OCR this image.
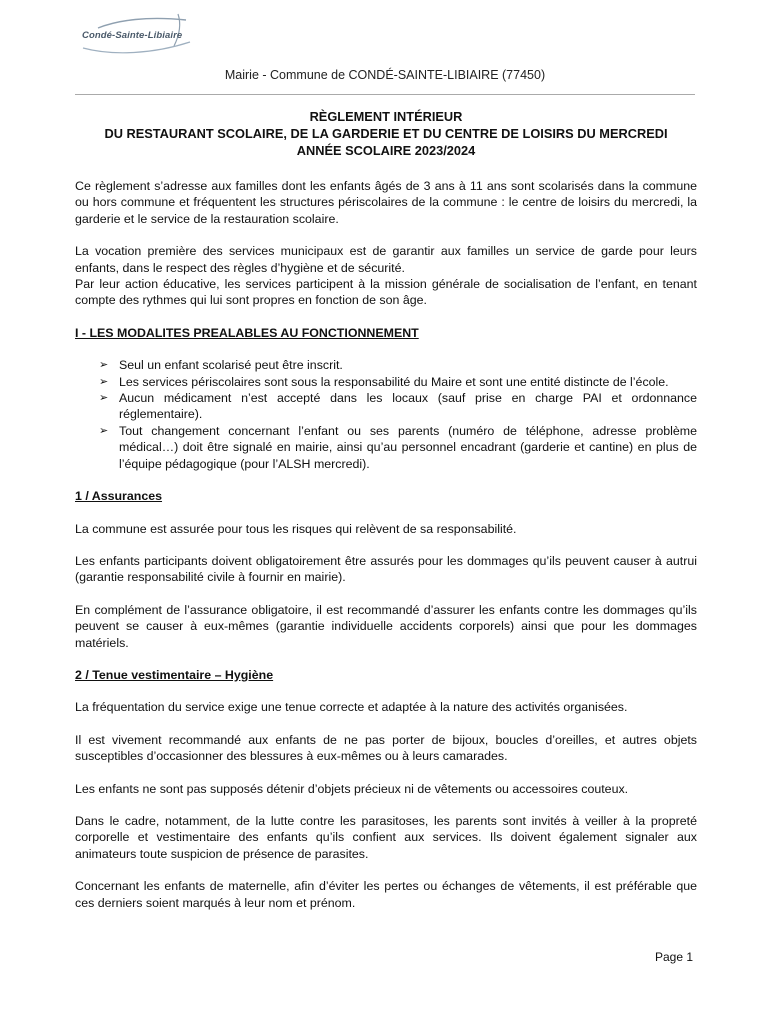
Condé-Sainte-Libiaire
Mairie - Commune de CONDÉ-SAINTE-LIBIAIRE (77450)
RÈGLEMENT INTÉRIEUR
DU RESTAURANT SCOLAIRE, DE LA GARDERIE ET DU CENTRE DE LOISIRS DU MERCREDI
ANNÉE SCOLAIRE 2023/2024

Ce règlement s’adresse aux familles dont les enfants âgés de 3 ans à 11 ans sont scolarisés dans la commune ou hors commune et fréquentent les structures périscolaires de la commune : le centre de loisirs du mercredi, la garderie et le service de la restauration scolaire.

La vocation première des services municipaux est de garantir aux familles un service de garde pour leurs enfants, dans le respect des règles d’hygiène et de sécurité.

Par leur action éducative, les services participent à la mission générale de socialisation de l’enfant, en tenant compte des rythmes qui lui sont propres en fonction de son âge.

I - LES MODALITES PREALABLES AU FONCTIONNEMENT

➢ Seul un enfant scolarisé peut être inscrit.
➢ Les services périscolaires sont sous la responsabilité du Maire et sont une entité distincte de l’école.
➢ Aucun médicament n’est accepté dans les locaux (sauf prise en charge PAI et ordonnance réglementaire).
➢ Tout changement concernant l’enfant ou ses parents (numéro de téléphone, adresse problème médical…) doit être signalé en mairie, ainsi qu’au personnel encadrant (garderie et cantine) en plus de l’équipe pédagogique (pour l’ALSH mercredi).

1 / Assurances

La commune est assurée pour tous les risques qui relèvent de sa responsabilité.

Les enfants participants doivent obligatoirement être assurés pour les dommages qu’ils peuvent causer à autrui (garantie responsabilité civile à fournir en mairie).

En complément de l’assurance obligatoire, il est recommandé d’assurer les enfants contre les dommages qu’ils peuvent se causer à eux-mêmes (garantie individuelle accidents corporels) ainsi que pour les dommages matériels.

2 / Tenue vestimentaire – Hygiène

La fréquentation du service exige une tenue correcte et adaptée à la nature des activités organisées.

Il est vivement recommandé aux enfants de ne pas porter de bijoux, boucles d’oreilles, et autres objets susceptibles d’occasionner des blessures à eux-mêmes ou à leurs camarades.

Les enfants ne sont pas supposés détenir d’objets précieux ni de vêtements ou accessoires couteux.

Dans le cadre, notamment, de la lutte contre les parasitoses, les parents sont invités à veiller à la propreté corporelle et vestimentaire des enfants qu’ils confient aux services. Ils doivent également signaler aux animateurs toute suspicion de présence de parasites.

Concernant les enfants de maternelle, afin d’éviter les pertes ou échanges de vêtements, il est préférable que ces derniers soient marqués à leur nom et prénom.

Page 1
